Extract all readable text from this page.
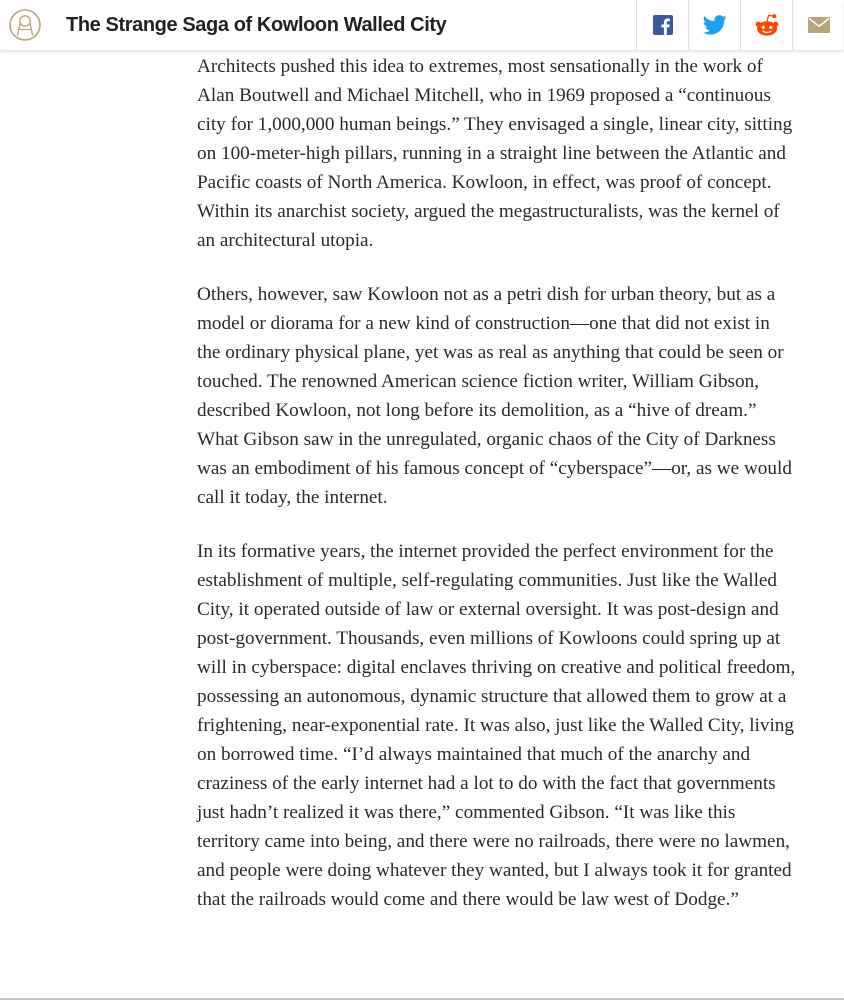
The Strange Saga of Kowloon Walled City

Architects pushed this idea to extremes, most sensationally in the work of Alan Boutwell and Michael Mitchell, who in 1969 proposed a “continuous city for 1,000,000 human beings.” They envisaged a single, linear city, sitting on 100-meter-high pillars, running in a straight line between the Atlantic and Pacific coasts of North America. Kowloon, in effect, was proof of concept. Within its anarchist society, argued the megastructuralists, was the kernel of an architectural utopia.

Others, however, saw Kowloon not as a petri dish for urban theory, but as a model or diorama for a new kind of construction—one that did not exist in the ordinary physical plane, yet was as real as anything that could be seen or touched. The renowned American science fiction writer, William Gibson, described Kowloon, not long before its demolition, as a “hive of dream.” What Gibson saw in the unregulated, organic chaos of the City of Darkness was an embodiment of his famous concept of “cyberspace”—or, as we would call it today, the internet.

In its formative years, the internet provided the perfect environment for the establishment of multiple, self-regulating communities. Just like the Walled City, it operated outside of law or external oversight. It was post-design and post-government. Thousands, even millions of Kowloons could spring up at will in cyberspace: digital enclaves thriving on creative and political freedom, possessing an autonomous, dynamic structure that allowed them to grow at a frightening, near-exponential rate. It was also, just like the Walled City, living on borrowed time. “I’d always maintained that much of the anarchy and craziness of the early internet had a lot to do with the fact that governments just hadn’t realized it was there,” commented Gibson. “It was like this territory came into being, and there were no railroads, there were no lawmen, and people were doing whatever they wanted, but I always took it for granted that the railroads would come and there would be law west of Dodge.”
